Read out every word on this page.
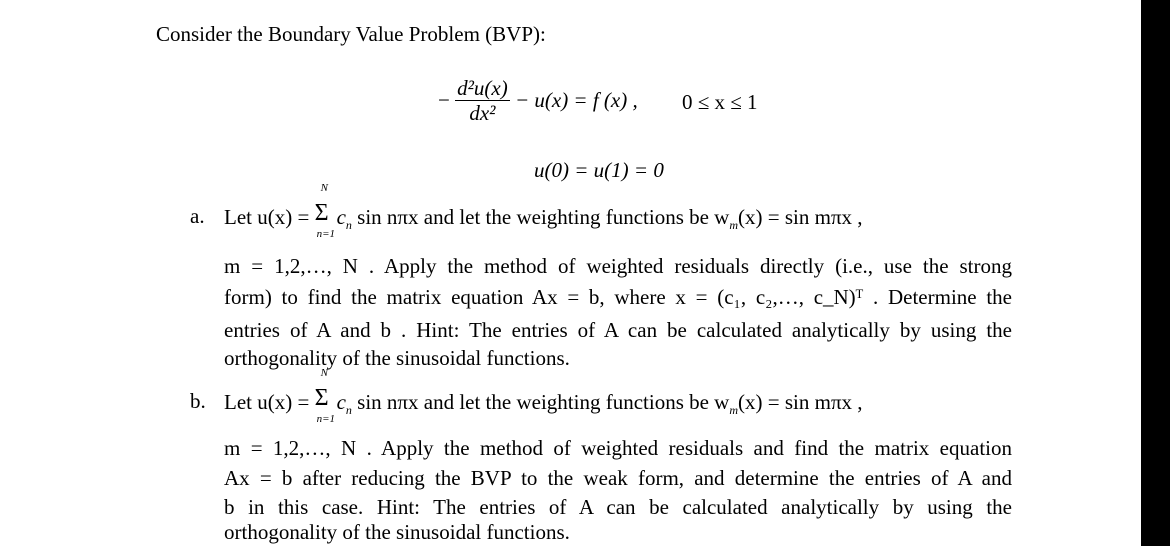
Consider the Boundary Value Problem (BVP):
− $\frac{\text{d²u(x)}}{\text{dx²}} - u(x) = f$ (x) , 0 ≤ x ≤ 1
u(0) = u(1) = 0
a. Let u(x) = Σ
N
n=1
$c_n$ sin nπx and let the weighting functions be $w_m(x) = \sin m\pi x$ ,
m = 1,2,…, N . Apply the method of weighted residuals directly (i.e., use the strong
form) to find the matrix equation Ax = b, where x = (c₁, c₂,…, c_N)ᵀ . Determine the
entries of A and b . Hint: The entries of A can be calculated analytically by using the
orthogonality of the sinusoidal functions.
b. Let u(x) = Σ
N
n=1
$c_n$ sin nπx and let the weighting functions be $w_m(x) = \sin m\pi x$ ,
m = 1,2,…, N . Apply the method of weighted residuals and find the matrix equation
Ax = b after reducing the BVP to the weak form, and determine the entries of A and
b in this case. Hint: The entries of A can be calculated analytically by using the
orthogonality of the sinusoidal functions.
